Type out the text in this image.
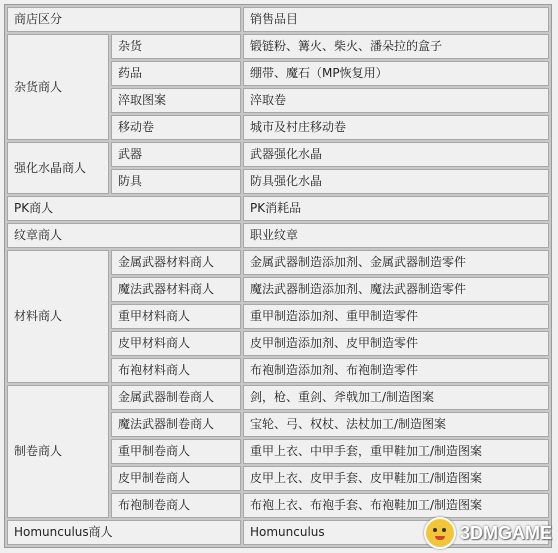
商店区分		销售品目
杂货商人	杂货	锻链粉、篝火、柴火、潘朵拉的盒子
	药品	绷带、魔石（MP恢复用）
	淬取图案	淬取卷
	移动卷	城市及村庄移动卷
强化水晶商人	武器	武器强化水晶
	防具	防具强化水晶
PK商人		PK消耗品
纹章商人		职业纹章
材料商人	金属武器材料商人	金属武器制造添加剂、金属武器制造零件
	魔法武器材料商人	魔法武器制造添加剂、魔法武器制造零件
	重甲材料商人	重甲制造添加剂、重甲制造零件
	皮甲材料商人	皮甲制造添加剂、皮甲制造零件
	布袍材料商人	布袍制造添加剂、布袍制造零件
制卷商人	金属武器制卷商人	剑，枪、重剑、斧戟加工/制造图案
	魔法武器制卷商人	宝轮、弓、权杖、法杖加工/制造图案
	重甲制卷商人	重甲上衣、中甲手套，重甲鞋加工/制造图案
	皮甲制卷商人	皮甲上衣、皮甲手套、皮甲鞋加工/制造图案
	布袍制卷商人	布袍上衣、布袍手套、布袍鞋加工/制造图案
Homunculus商人		Homunculus	3DMGAME
